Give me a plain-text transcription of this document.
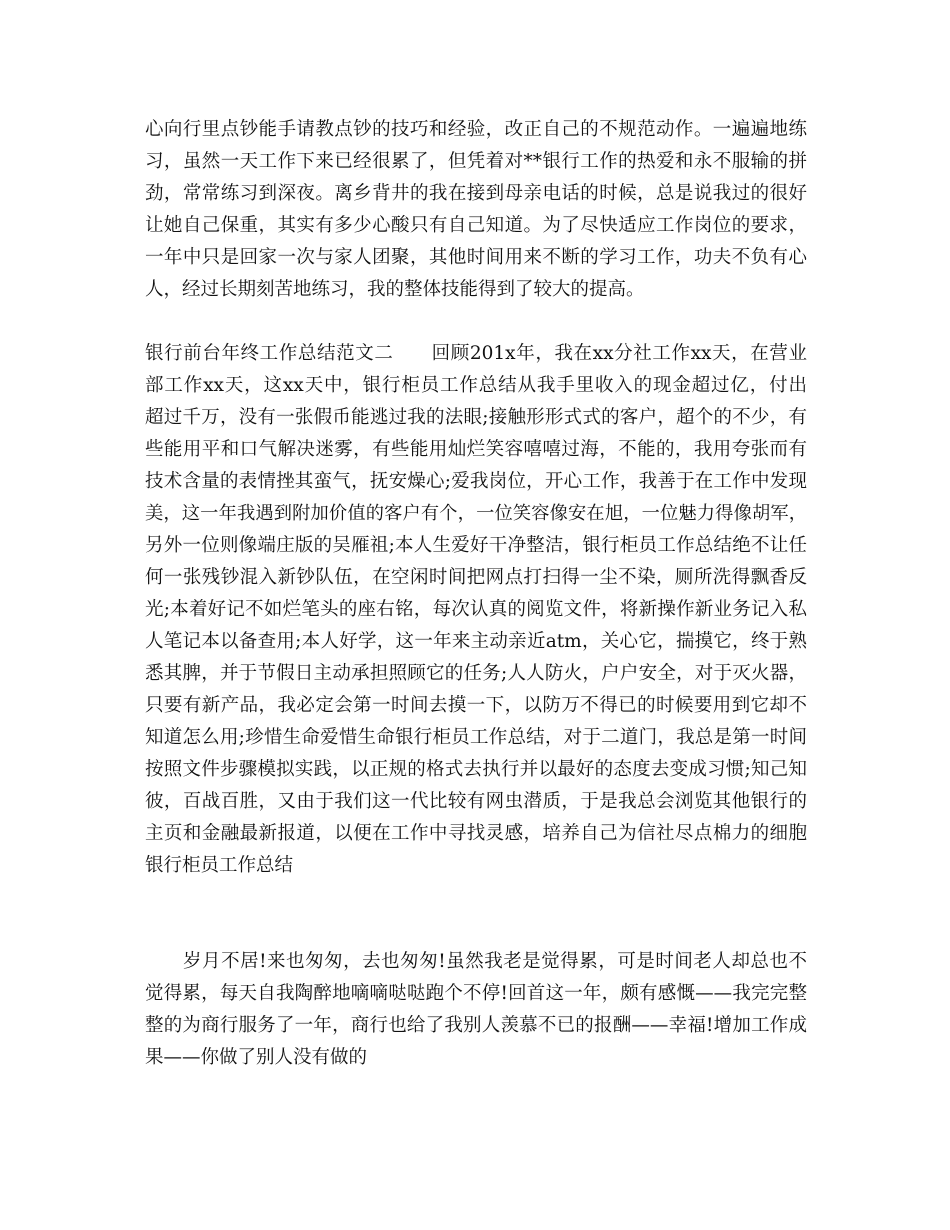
心向行里点钞能手请教点钞的技巧和经验，改正自己的不规范动作。一遍遍地练
习，虽然一天工作下来已经很累了，但凭着对**银行工作的热爱和永不服输的拼
劲，常常练习到深夜。离乡背井的我在接到母亲电话的时候，总是说我过的很好
让她自己保重，其实有多少心酸只有自己知道。为了尽快适应工作岗位的要求，
一年中只是回家一次与家人团聚，其他时间用来不断的学习工作，功夫不负有心
人，经过长期刻苦地练习，我的整体技能得到了较大的提高。
银行前台年终工作总结范文二　　回顾201x年，我在xx分社工作xx天，在营业
部工作xx天，这xx天中，银行柜员工作总结从我手里收入的现金超过亿，付出
超过千万，没有一张假币能逃过我的法眼;接触形形式式的客户，超个的不少，有
些能用平和口气解决迷雾，有些能用灿烂笑容嘻嘻过海，不能的，我用夸张而有
技术含量的表情挫其蛮气，抚安燥心;爱我岗位，开心工作，我善于在工作中发现
美，这一年我遇到附加价值的客户有个，一位笑容像安在旭，一位魅力得像胡军，
另外一位则像端庄版的吴雁祖;本人生爱好干净整洁，银行柜员工作总结绝不让任
何一张残钞混入新钞队伍，在空闲时间把网点打扫得一尘不染，厕所洗得飘香反
光;本着好记不如烂笔头的座右铭，每次认真的阅览文件，将新操作新业务记入私
人笔记本以备查用;本人好学，这一年来主动亲近atm，关心它，揣摸它，终于熟
悉其脾，并于节假日主动承担照顾它的任务;人人防火，户户安全，对于灭火器，
只要有新产品，我必定会第一时间去摸一下，以防万不得已的时候要用到它却不
知道怎么用;珍惜生命爱惜生命银行柜员工作总结，对于二道门，我总是第一时间
按照文件步骤模拟实践，以正规的格式去执行并以最好的态度去变成习惯;知己知
彼，百战百胜，又由于我们这一代比较有网虫潜质，于是我总会浏览其他银行的
主页和金融最新报道，以便在工作中寻找灵感，培养自己为信社尽点棉力的细胞
银行柜员工作总结
　　岁月不居!来也匆匆，去也匆匆!虽然我老是觉得累，可是时间老人却总也不
觉得累，每天自我陶醉地嘀嘀哒哒跑个不停!回首这一年，颇有感慨——我完完整
整的为商行服务了一年，商行也给了我别人羡慕不已的报酬——幸福!增加工作成
果——你做了别人没有做的
